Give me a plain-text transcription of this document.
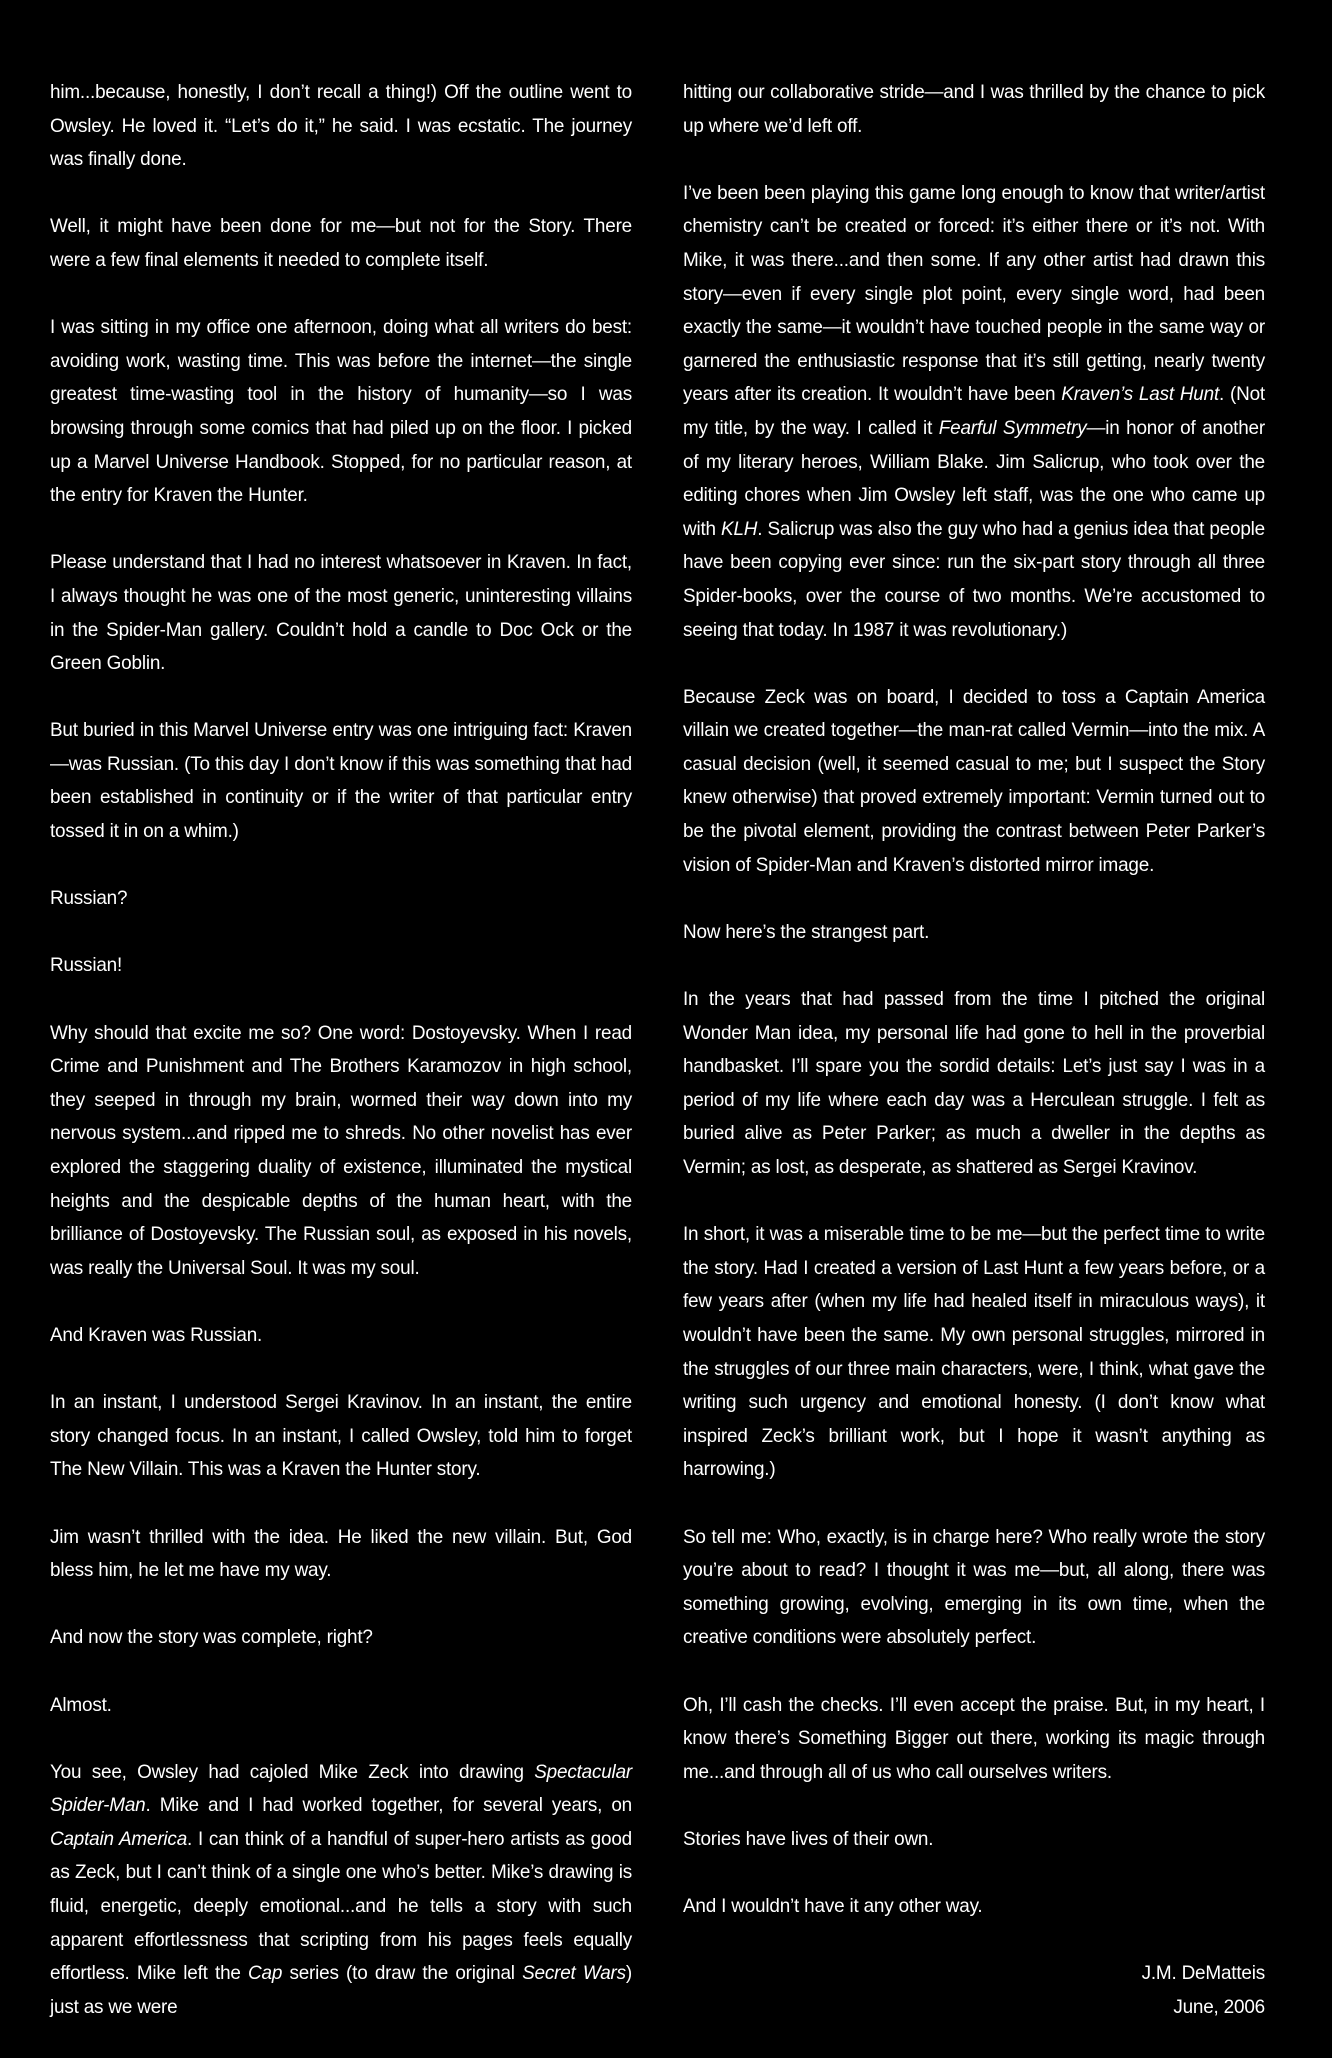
him...because, honestly, I don’t recall a thing!) Off the outline went to Owsley. He loved it. “Let’s do it,” he said. I was ecstatic. The journey was finally done.

Well, it might have been done for me—but not for the Story. There were a few final elements it needed to complete itself.

I was sitting in my office one afternoon, doing what all writers do best: avoiding work, wasting time. This was before the internet—the single greatest time-wasting tool in the history of humanity—so I was browsing through some comics that had piled up on the floor. I picked up a Marvel Universe Handbook. Stopped, for no particular reason, at the entry for Kraven the Hunter.

Please understand that I had no interest whatsoever in Kraven. In fact, I always thought he was one of the most generic, uninteresting villains in the Spider-Man gallery. Couldn’t hold a candle to Doc Ock or the Green Goblin.

But buried in this Marvel Universe entry was one intriguing fact: Kraven —was Russian. (To this day I don’t know if this was something that had been established in continuity or if the writer of that particular entry tossed it in on a whim.)

Russian?

Russian!

Why should that excite me so? One word: Dostoyevsky. When I read Crime and Punishment and The Brothers Karamozov in high school, they seeped in through my brain, wormed their way down into my nervous system...and ripped me to shreds. No other novelist has ever explored the staggering duality of existence, illuminated the mystical heights and the despicable depths of the human heart, with the brilliance of Dostoyevsky. The Russian soul, as exposed in his novels, was really the Universal Soul. It was my soul.

And Kraven was Russian.

In an instant, I understood Sergei Kravinov. In an instant, the entire story changed focus. In an instant, I called Owsley, told him to forget The New Villain. This was a Kraven the Hunter story.

Jim wasn’t thrilled with the idea. He liked the new villain. But, God bless him, he let me have my way.

And now the story was complete, right?

Almost.

You see, Owsley had cajoled Mike Zeck into drawing Spectacular Spider-Man. Mike and I had worked together, for several years, on Captain America. I can think of a handful of super-hero artists as good as Zeck, but I can’t think of a single one who’s better. Mike’s drawing is fluid, energetic, deeply emotional...and he tells a story with such apparent effortlessness that scripting from his pages feels equally effortless. Mike left the Cap series (to draw the original Secret Wars) just as we were

hitting our collaborative stride—and I was thrilled by the chance to pick up where we’d left off.

I’ve been been playing this game long enough to know that writer/artist chemistry can’t be created or forced: it’s either there or it’s not. With Mike, it was there...and then some. If any other artist had drawn this story—even if every single plot point, every single word, had been exactly the same—it wouldn’t have touched people in the same way or garnered the enthusiastic response that it’s still getting, nearly twenty years after its creation. It wouldn’t have been Kraven’s Last Hunt. (Not my title, by the way. I called it Fearful Symmetry—in honor of another of my literary heroes, William Blake. Jim Salicrup, who took over the editing chores when Jim Owsley left staff, was the one who came up with KLH. Salicrup was also the guy who had a genius idea that people have been copying ever since: run the six-part story through all three Spider-books, over the course of two months. We’re accustomed to seeing that today. In 1987 it was revolutionary.)

Because Zeck was on board, I decided to toss a Captain America villain we created together—the man-rat called Vermin—into the mix. A casual decision (well, it seemed casual to me; but I suspect the Story knew otherwise) that proved extremely important: Vermin turned out to be the pivotal element, providing the contrast between Peter Parker’s vision of Spider-Man and Kraven’s distorted mirror image.

Now here’s the strangest part.

In the years that had passed from the time I pitched the original Wonder Man idea, my personal life had gone to hell in the proverbial handbasket. I’ll spare you the sordid details: Let’s just say I was in a period of my life where each day was a Herculean struggle. I felt as buried alive as Peter Parker; as much a dweller in the depths as Vermin; as lost, as desperate, as shattered as Sergei Kravinov.

In short, it was a miserable time to be me—but the perfect time to write the story. Had I created a version of Last Hunt a few years before, or a few years after (when my life had healed itself in miraculous ways), it wouldn’t have been the same. My own personal struggles, mirrored in the struggles of our three main characters, were, I think, what gave the writing such urgency and emotional honesty. (I don’t know what inspired Zeck’s brilliant work, but I hope it wasn’t anything as harrowing.)

So tell me: Who, exactly, is in charge here? Who really wrote the story you’re about to read? I thought it was me—but, all along, there was something growing, evolving, emerging in its own time, when the creative conditions were absolutely perfect.

Oh, I’ll cash the checks. I’ll even accept the praise. But, in my heart, I know there’s Something Bigger out there, working its magic through me...and through all of us who call ourselves writers.

Stories have lives of their own.

And I wouldn’t have it any other way.

J.M. DeMatteis
June, 2006
